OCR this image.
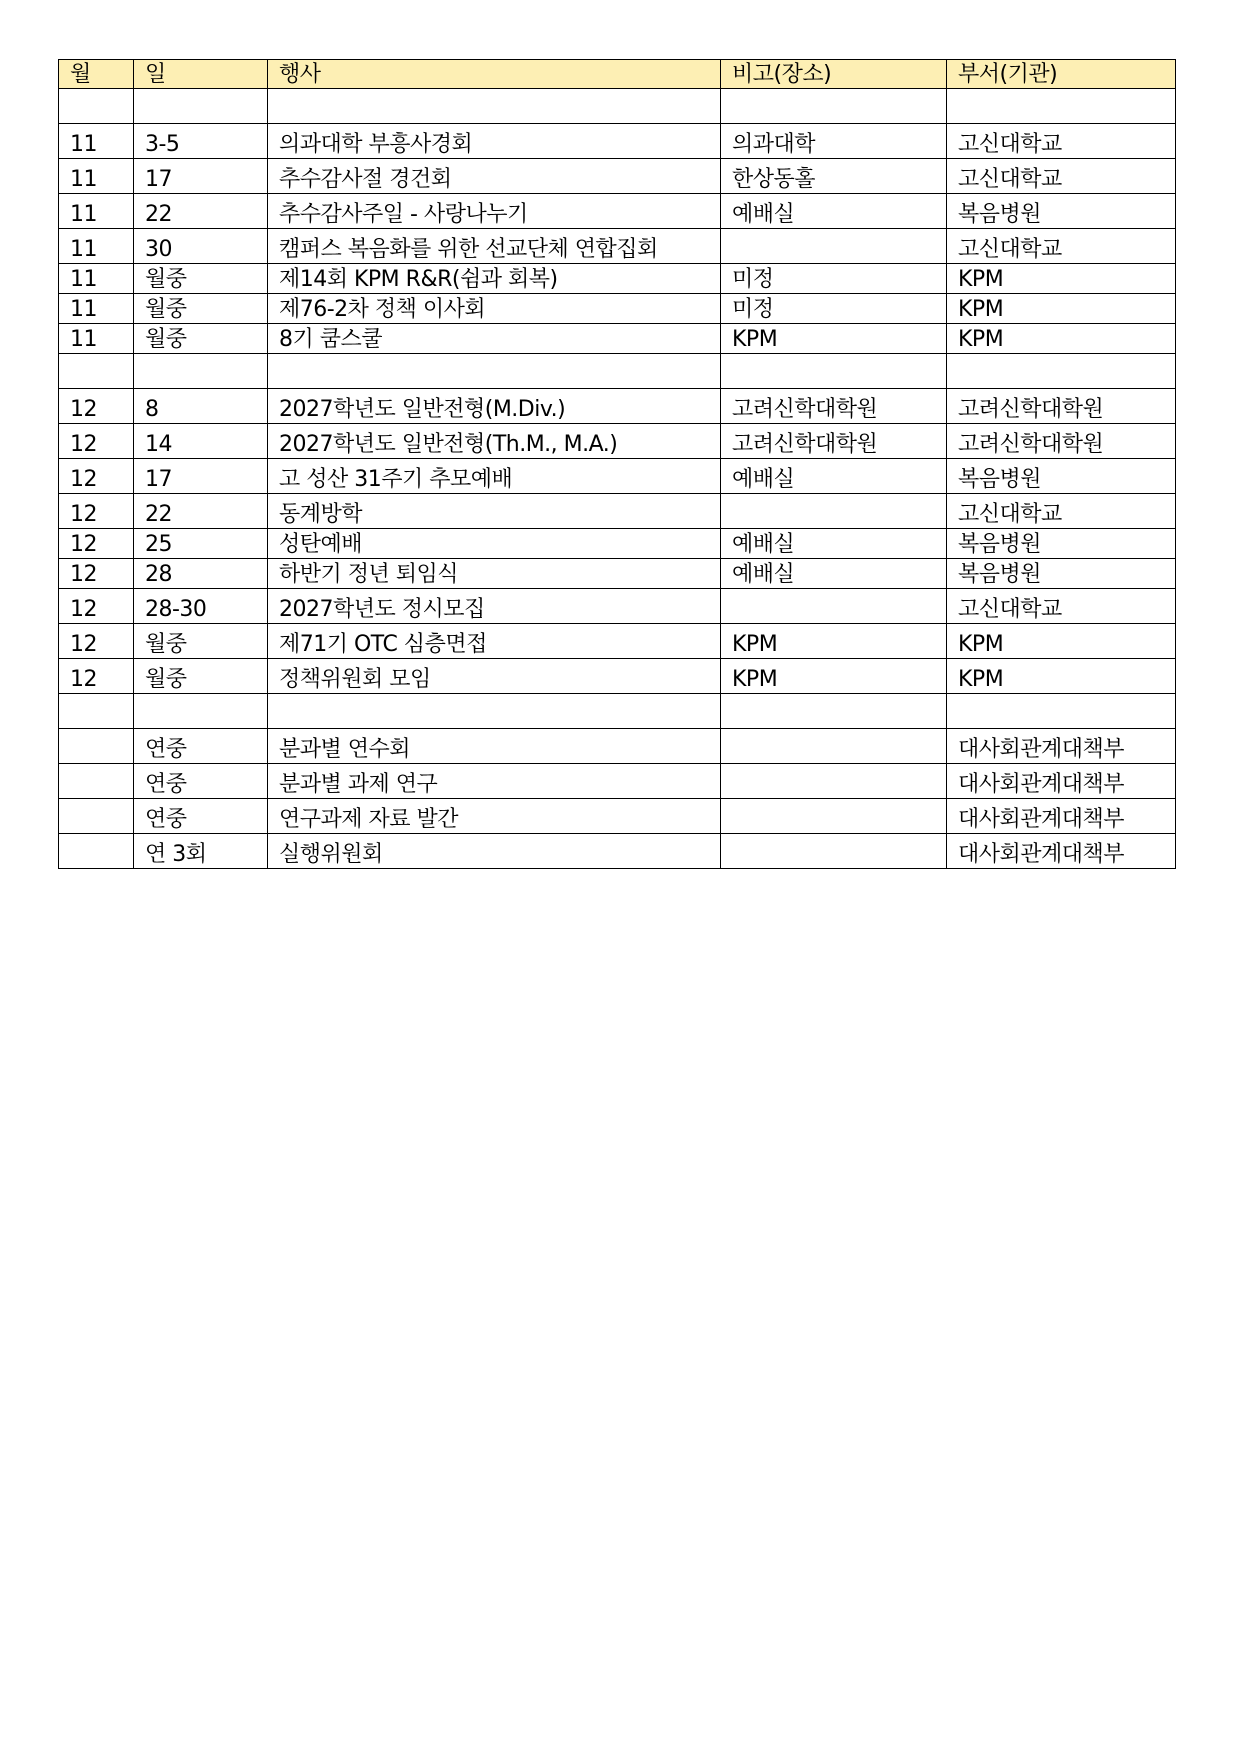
월	일	행사	비고(장소)	부서(기관)

11	3-5	의과대학 부흥사경회	의과대학	고신대학교
11	17	추수감사절 경건회	한상동홀	고신대학교
11	22	추수감사주일 - 사랑나누기	예배실	복음병원
11	30	캠퍼스 복음화를 위한 선교단체 연합집회		고신대학교
11	월중	제14회 KPM R&R(쉼과 회복)	미정	KPM
11	월중	제76-2차 정책 이사회	미정	KPM
11	월중	8기 쿰스쿨	KPM	KPM

12	8	2027학년도 일반전형(M.Div.)	고려신학대학원	고려신학대학원
12	14	2027학년도 일반전형(Th.M., M.A.)	고려신학대학원	고려신학대학원
12	17	고 성산 31주기 추모예배	예배실	복음병원
12	22	동계방학		고신대학교
12	25	성탄예배	예배실	복음병원
12	28	하반기 정년 퇴임식	예배실	복음병원
12	28-30	2027학년도 정시모집		고신대학교
12	월중	제71기 OTC 심층면접	KPM	KPM
12	월중	정책위원회 모임	KPM	KPM

	연중	분과별 연수회		대사회관계대책부
	연중	분과별 과제 연구		대사회관계대책부
	연중	연구과제 자료 발간		대사회관계대책부
	연 3회	실행위원회		대사회관계대책부
